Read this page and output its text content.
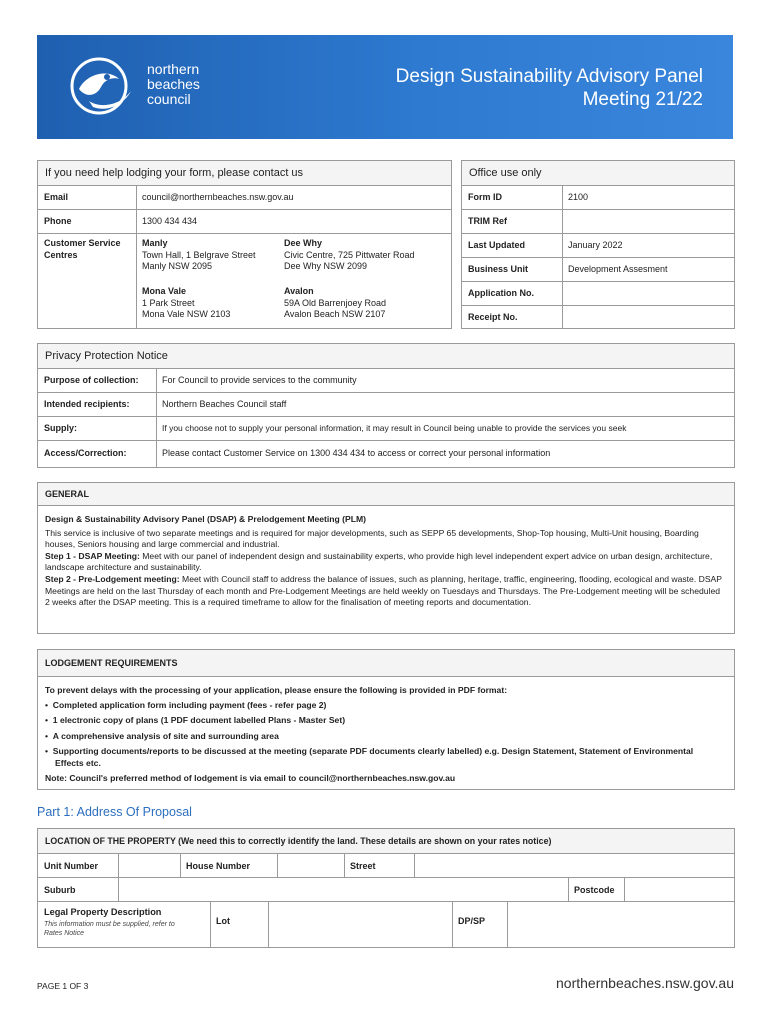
northern
beaches
council
Design Sustainability Advisory Panel
Meeting 21/22
If you need help lodging your form, please contact us
Email	council@northernbeaches.nsw.gov.au
Phone	1300 434 434
Customer Service Centres
Manly
Town Hall, 1 Belgrave Street
Manly NSW 2095
Dee Why
Civic Centre, 725 Pittwater Road
Dee Why NSW 2099
Mona Vale
1 Park Street
Mona Vale NSW 2103
Avalon
59A Old Barrenjoey Road
Avalon Beach NSW 2107
Office use only
Form ID	2100
TRIM Ref
Last Updated	January 2022
Business Unit	Development Assesment
Application No.
Receipt No.
Privacy Protection Notice
Purpose of collection:	For Council to provide services to the community
Intended recipients:	Northern Beaches Council staff
Supply:	If you choose not to supply your personal information, it may result in Council being unable to provide the services you seek
Access/Correction:	Please contact Customer Service on 1300 434 434 to access or correct your personal information
GENERAL
Design & Sustainability Advisory Panel (DSAP) & Prelodgement Meeting (PLM)
This service is inclusive of two separate meetings and is required for major developments, such as SEPP 65 developments, Shop-Top housing, Multi-Unit housing, Boarding houses, Seniors housing and large commercial and industrial.
Step 1 - DSAP Meeting: Meet with our panel of independent design and sustainability experts, who provide high level independent expert advice on urban design, architecture, landscape architecture and sustainability.
Step 2 - Pre-Lodgement meeting: Meet with Council staff to address the balance of issues, such as planning, heritage, traffic, engineering, flooding, ecological and waste. DSAP Meetings are held on the last Thursday of each month and Pre-Lodgement Meetings are held weekly on Tuesdays and Thursdays. The Pre-Lodgement meeting will be scheduled 2 weeks after the DSAP meeting. This is a required timeframe to allow for the finalisation of meeting reports and documentation.
LODGEMENT REQUIREMENTS
To prevent delays with the processing of your application, please ensure the following is provided in PDF format:
•  Completed application form including payment (fees - refer page 2)
•  1 electronic copy of plans (1 PDF document labelled Plans - Master Set)
•  A comprehensive analysis of site and surrounding area
•  Supporting documents/reports to be discussed at the meeting (separate PDF documents clearly labelled) e.g. Design Statement, Statement of Environmental Effects etc.
Note: Council's preferred method of lodgement is via email to council@northernbeaches.nsw.gov.au
Part 1: Address Of Proposal
LOCATION OF THE PROPERTY (We need this to correctly identify the land. These details are shown on your rates notice)
Unit Number	House Number	Street
Suburb	Postcode
Legal Property Description
This information must be supplied, refer to Rates Notice
Lot	DP/SP
PAGE 1 OF 3	northernbeaches.nsw.gov.au
